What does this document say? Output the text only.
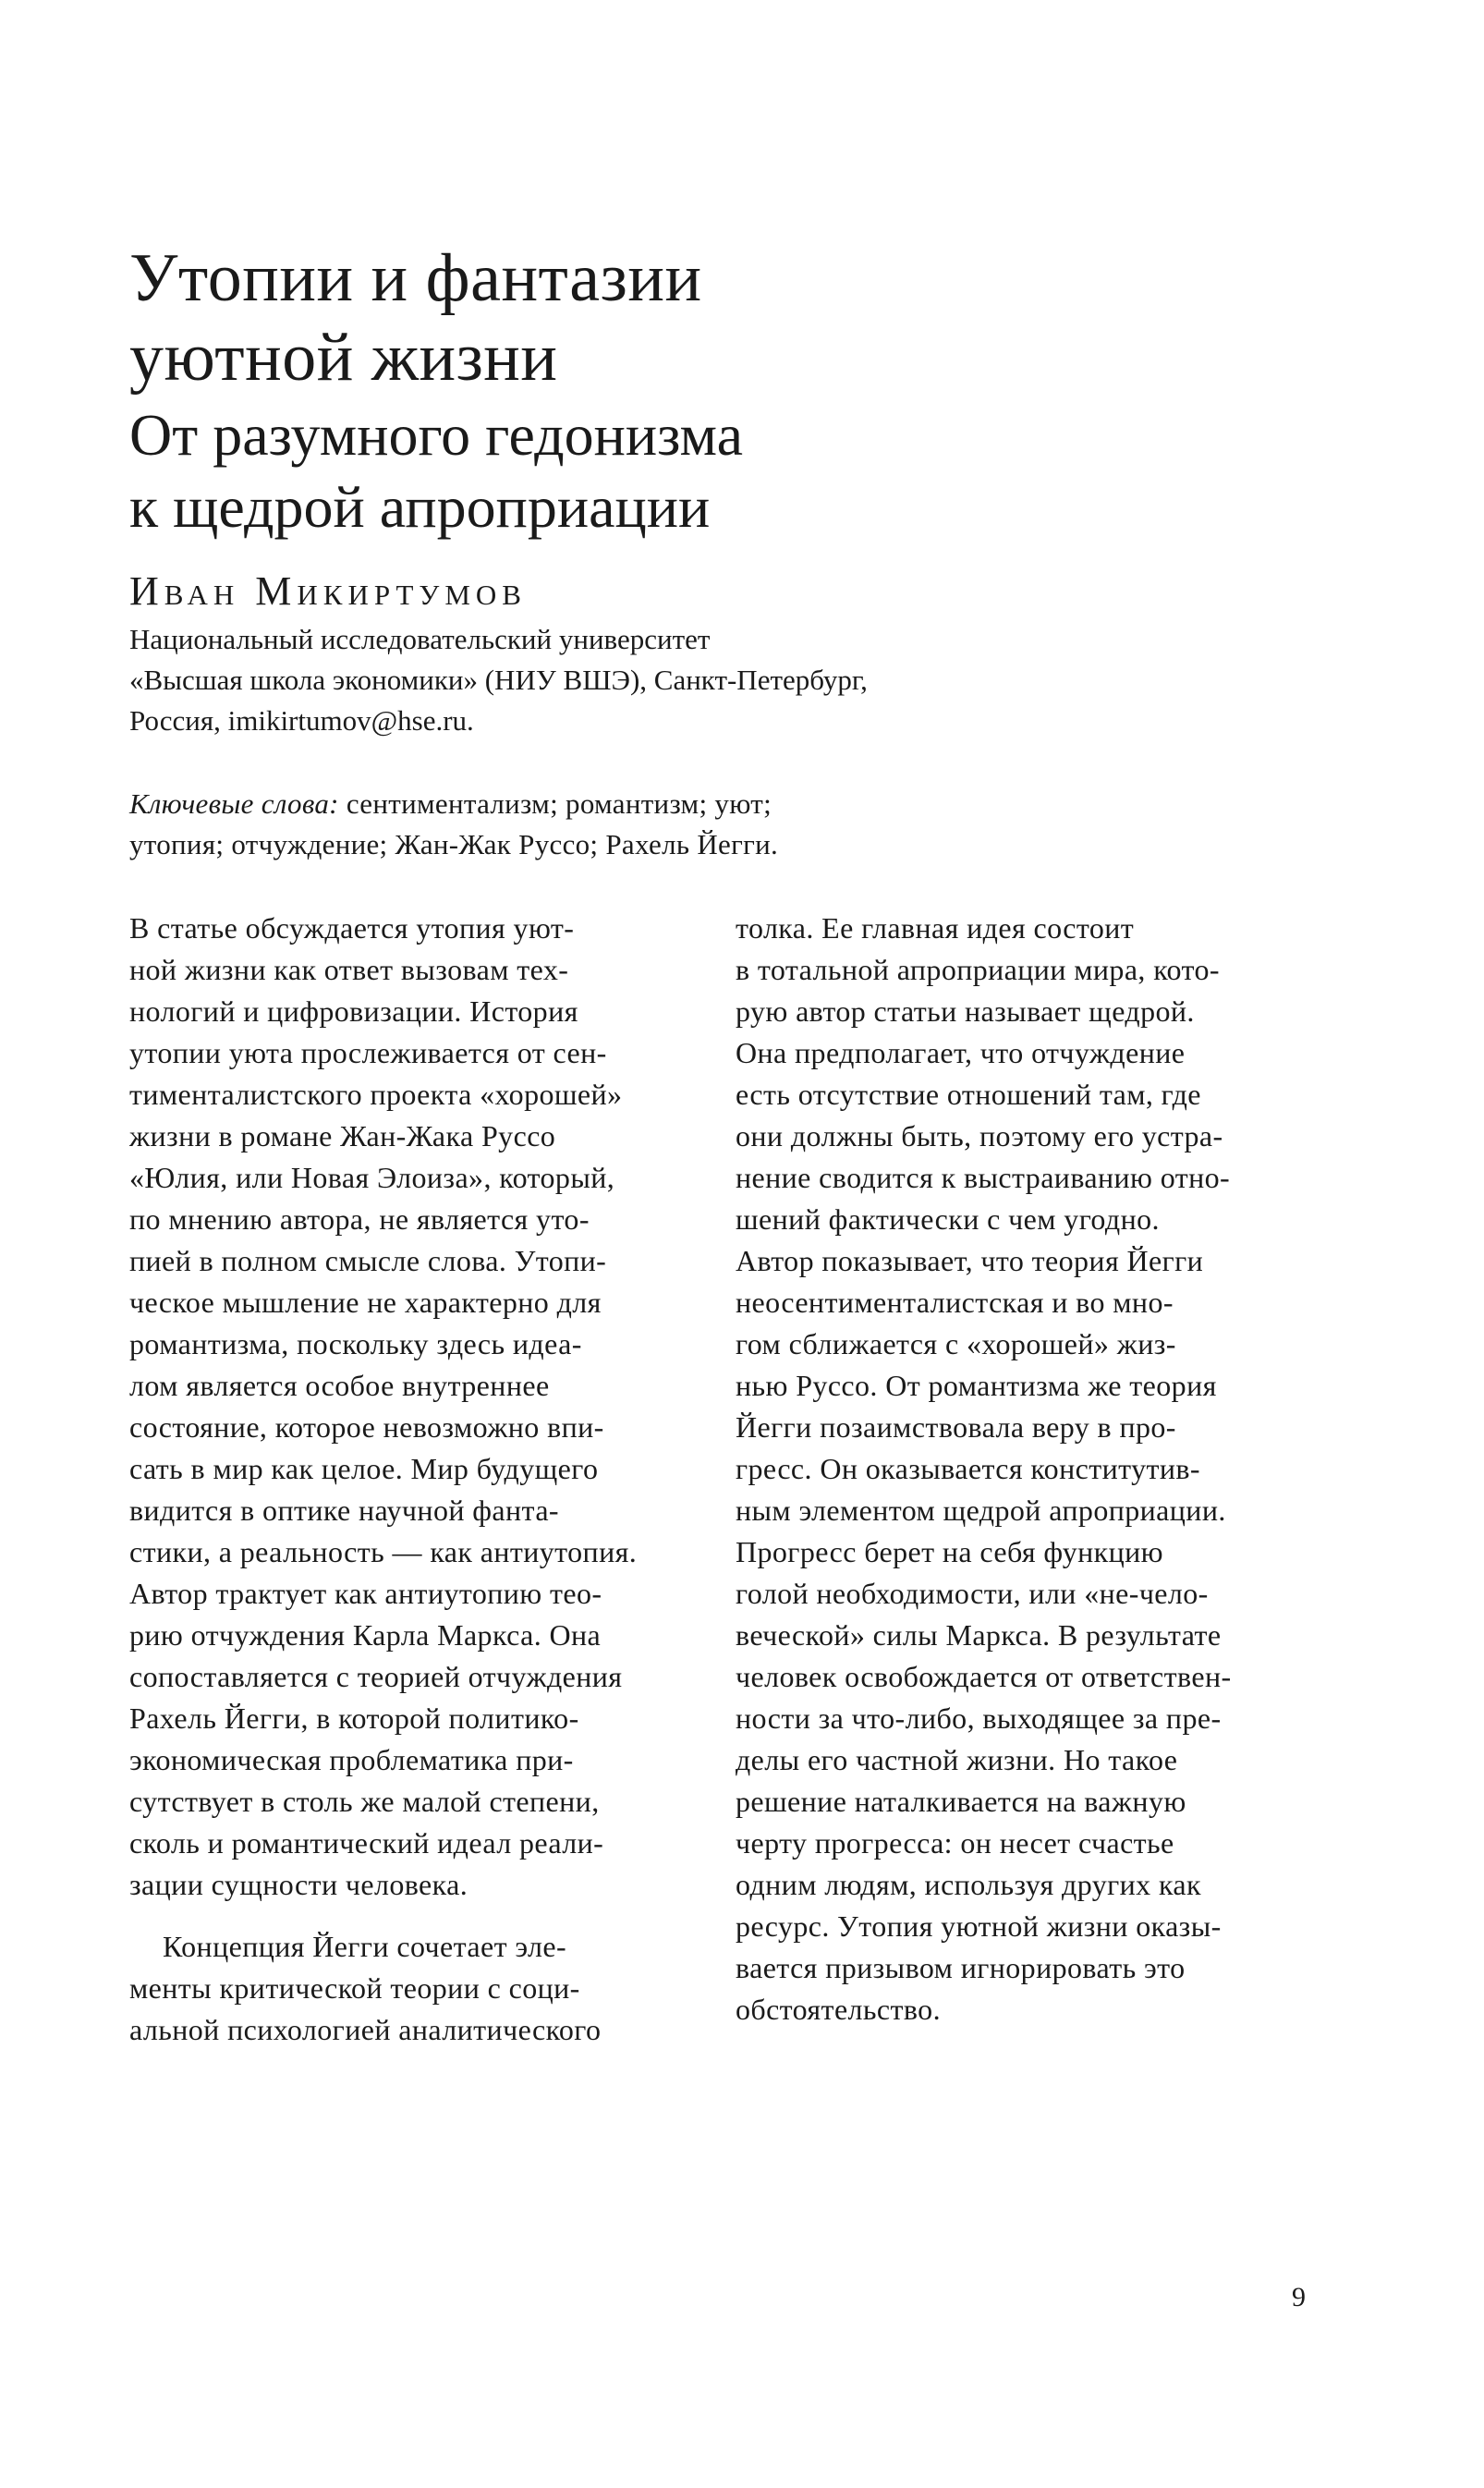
Утопии и фантазии
уютной жизни
От разумного гедонизма
к щедрой апроприации
Иван Микиртумов
Национальный исследовательский университет
«Высшая школа экономики» (НИУ ВШЭ), Санкт-Петербург,
Россия, imikirtumov@hse.ru.
Ключевые слова: сентиментализм; романтизм; уют;
утопия; отчуждение; Жан-Жак Руссо; Рахель Йегги.
В статье обсуждается утопия уют-
ной жизни как ответ вызовам тех-
нологий и цифровизации. История
утопии уюта прослеживается от сен-
тименталистского проекта «хорошей»
жизни в романе Жан-Жака Руссо
«Юлия, или Новая Элоиза», который,
по мнению автора, не является уто-
пией в полном смысле слова. Утопи-
ческое мышление не характерно для
романтизма, поскольку здесь идеа-
лом является особое внутреннее
состояние, которое невозможно впи-
сать в мир как целое. Мир будущего
видится в оптике научной фанта-
стики, а реальность — как антиутопия.
Автор трактует как антиутопию тео-
рию отчуждения Карла Маркса. Она
сопоставляется с теорией отчуждения
Рахель Йегги, в которой политико-
экономическая проблематика при-
сутствует в столь же малой степени,
сколь и романтический идеал реали-
зации сущности человека.
Концепция Йегги сочетает эле-
менты критической теории с соци-
альной психологией аналитического
толка. Ее главная идея состоит
в тотальной апроприации мира, кото-
рую автор статьи называет щедрой.
Она предполагает, что отчуждение
есть отсутствие отношений там, где
они должны быть, поэтому его устра-
нение сводится к выстраиванию отно-
шений фактически с чем угодно.
Автор показывает, что теория Йегги
неосентименталистская и во мно-
гом сближается с «хорошей» жиз-
нью Руссо. От романтизма же теория
Йегги позаимствовала веру в про-
гресс. Он оказывается конститутив-
ным элементом щедрой апроприации.
Прогресс берет на себя функцию
голой необходимости, или «не-чело-
веческой» силы Маркса. В результате
человек освобождается от ответствен-
ности за что-либо, выходящее за пре-
делы его частной жизни. Но такое
решение наталкивается на важную
черту прогресса: он несет счастье
одним людям, используя других как
ресурс. Утопия уютной жизни оказы-
вается призывом игнорировать это
обстоятельство.
9
